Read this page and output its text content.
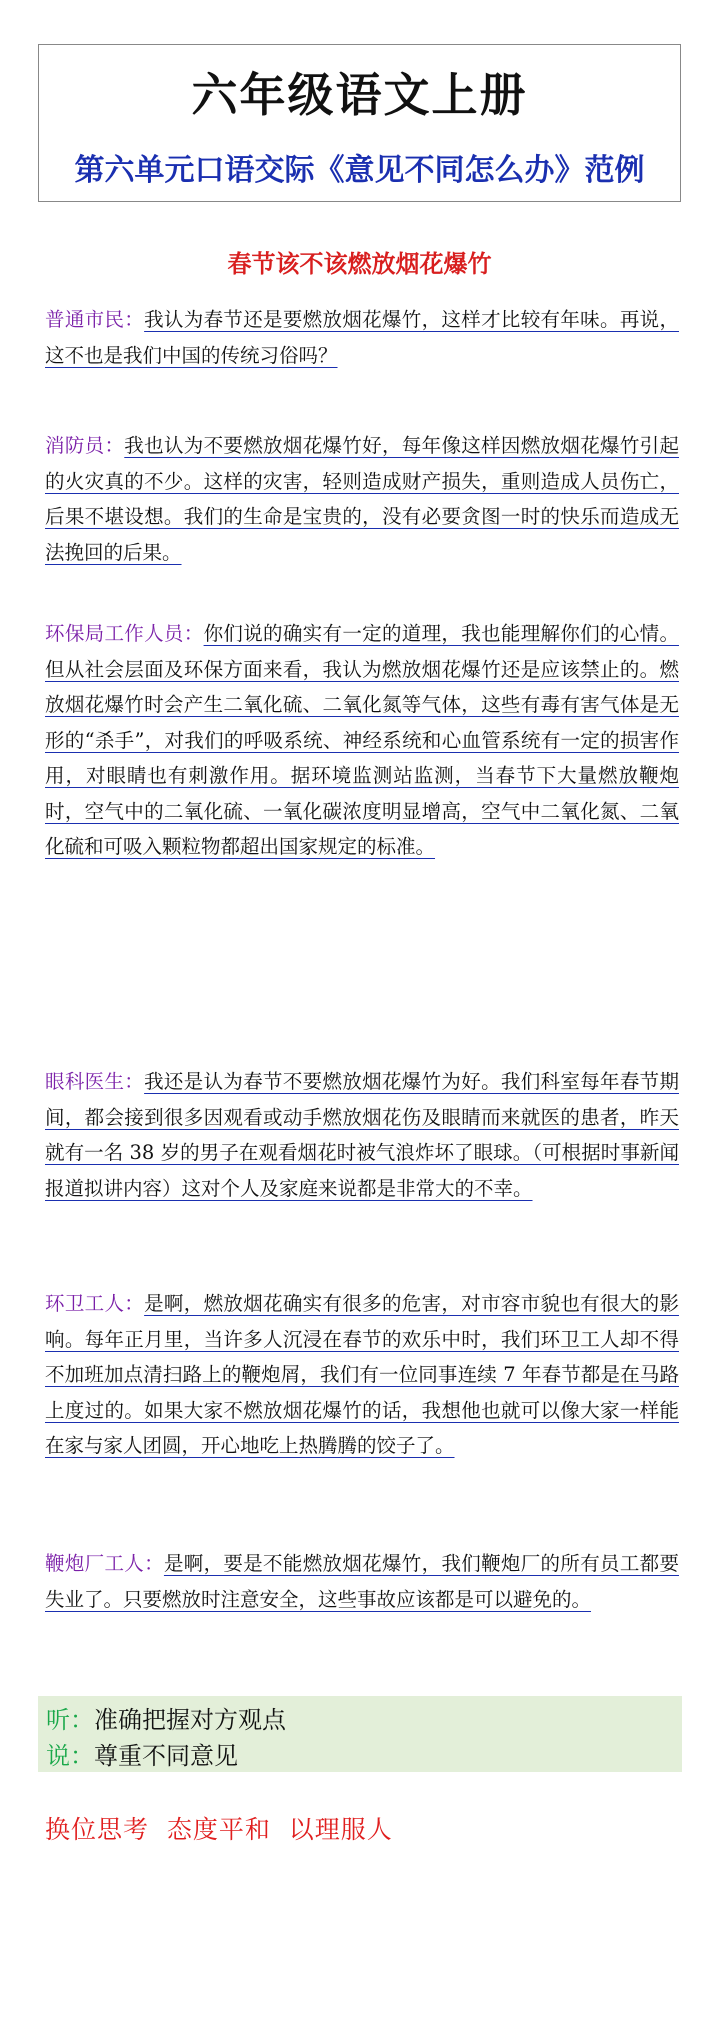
六年级语文上册
第六单元口语交际《意见不同怎么办》范例
春节该不该燃放烟花爆竹
普通市民：我认为春节还是要燃放烟花爆竹，这样才比较有年味。再说，这不也是我们中国的传统习俗吗？
消防员：我也认为不要燃放烟花爆竹好，每年像这样因燃放烟花爆竹引起的火灾真的不少。这样的灾害，轻则造成财产损失，重则造成人员伤亡，后果不堪设想。我们的生命是宝贵的，没有必要贪图一时的快乐而造成无法挽回的后果。
环保局工作人员：你们说的确实有一定的道理，我也能理解你们的心情。但从社会层面及环保方面来看，我认为燃放烟花爆竹还是应该禁止的。燃放烟花爆竹时会产生二氧化硫、二氧化氮等气体，这些有毒有害气体是无形的“杀手”，对我们的呼吸系统、神经系统和心血管系统有一定的损害作用，对眼睛也有刺激作用。据环境监测站监测，当春节下大量燃放鞭炮时，空气中的二氧化硫、一氧化碳浓度明显增高，空气中二氧化氮、二氧化硫和可吸入颗粒物都超出国家规定的标准。
眼科医生：我还是认为春节不要燃放烟花爆竹为好。我们科室每年春节期间，都会接到很多因观看或动手燃放烟花伤及眼睛而来就医的患者，昨天就有一名 38 岁的男子在观看烟花时被气浪炸坏了眼球。（可根据时事新闻报道拟讲内容）这对个人及家庭来说都是非常大的不幸。
环卫工人：是啊，燃放烟花确实有很多的危害，对市容市貌也有很大的影响。每年正月里，当许多人沉浸在春节的欢乐中时，我们环卫工人却不得不加班加点清扫路上的鞭炮屑，我们有一位同事连续 7 年春节都是在马路上度过的。如果大家不燃放烟花爆竹的话，我想他也就可以像大家一样能在家与家人团圆，开心地吃上热腾腾的饺子了。
鞭炮厂工人：是啊，要是不能燃放烟花爆竹，我们鞭炮厂的所有员工都要失业了。只要燃放时注意安全，这些事故应该都是可以避免的。
听：准确把握对方观点
说：尊重不同意见
换位思考  态度平和  以理服人
